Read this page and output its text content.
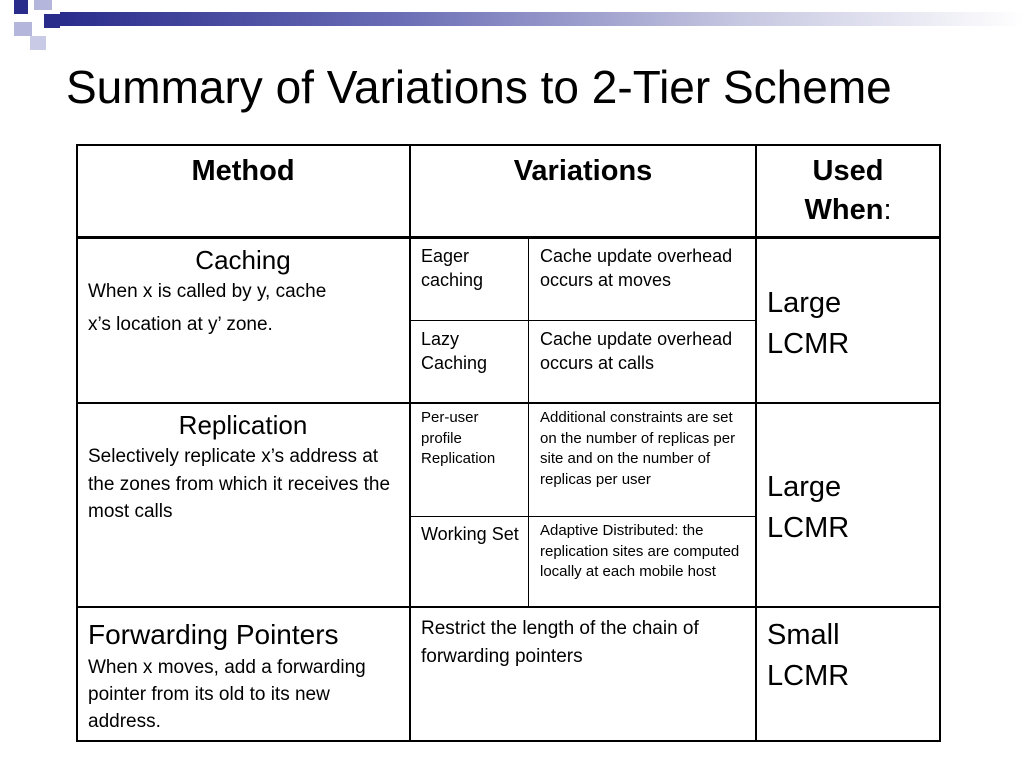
Summary of Variations to 2-Tier Scheme
Method	Variations	Used
When:
Caching
When x is called by y, cache
x’s location at y’ zone.
Eager caching
Cache update overhead occurs at moves
Lazy Caching
Cache update overhead occurs at calls
Large
LCMR
Replication
Selectively replicate x’s address at the zones from which it receives the most calls
Per-user profile Replication
Additional constraints are set on the number of replicas per site and on the number of replicas per user
Working Set Adaptive Distributed: the replication sites are computed locally at each mobile host
Large
LCMR
Forwarding Pointers
When x moves, add a forwarding pointer from its old to its new address.
Restrict the length of the chain of forwarding pointers
Small
LCMR
